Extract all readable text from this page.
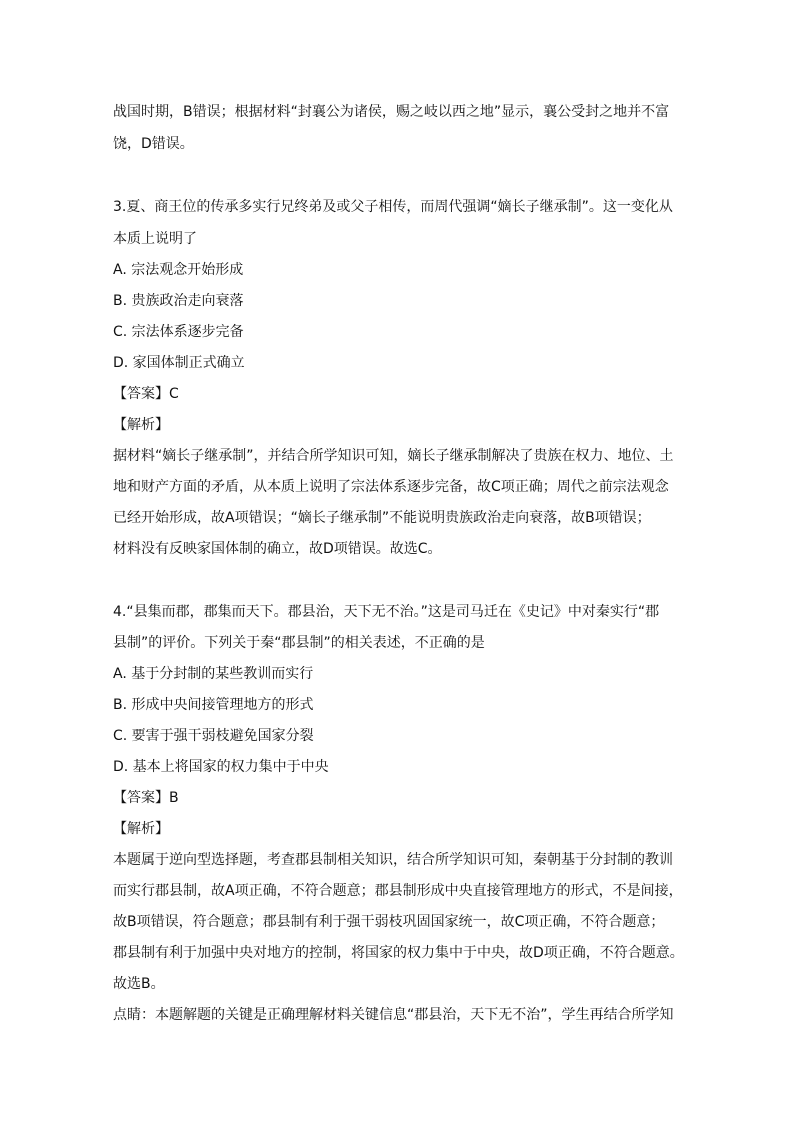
战国时期，B错误；根据材料“封襄公为诸侯，赐之岐以西之地”显示，襄公受封之地并不富
饶，D错误。
3.夏、商王位的传承多实行兄终弟及或父子相传，而周代强调“嫡长子继承制”。这一变化从
本质上说明了
A. 宗法观念开始形成
B. 贵族政治走向衰落
C. 宗法体系逐步完备
D. 家国体制正式确立
【答案】C
【解析】
据材料“嫡长子继承制”，并结合所学知识可知，嫡长子继承制解决了贵族在权力、地位、土
地和财产方面的矛盾，从本质上说明了宗法体系逐步完备，故C项正确；周代之前宗法观念
已经开始形成，故A项错误；“嫡长子继承制”不能说明贵族政治走向衰落，故B项错误；
材料没有反映家国体制的确立，故D项错误。故选C。
4.“县集而郡，郡集而天下。郡县治，天下无不治。”这是司马迁在《史记》中对秦实行“郡
县制”的评价。下列关于秦“郡县制”的相关表述，不正确的是
A. 基于分封制的某些教训而实行
B. 形成中央间接管理地方的形式
C. 要害于强干弱枝避免国家分裂
D. 基本上将国家的权力集中于中央
【答案】B
【解析】
本题属于逆向型选择题，考查郡县制相关知识，结合所学知识可知，秦朝基于分封制的教训
而实行郡县制，故A项正确，不符合题意；郡县制形成中央直接管理地方的形式，不是间接，
故B项错误，符合题意；郡县制有利于强干弱枝巩固国家统一，故C项正确，不符合题意；
郡县制有利于加强中央对地方的控制，将国家的权力集中于中央，故D项正确，不符合题意。
故选B。
点睛：本题解题的关键是正确理解材料关键信息“郡县治，天下无不治”，学生再结合所学知
